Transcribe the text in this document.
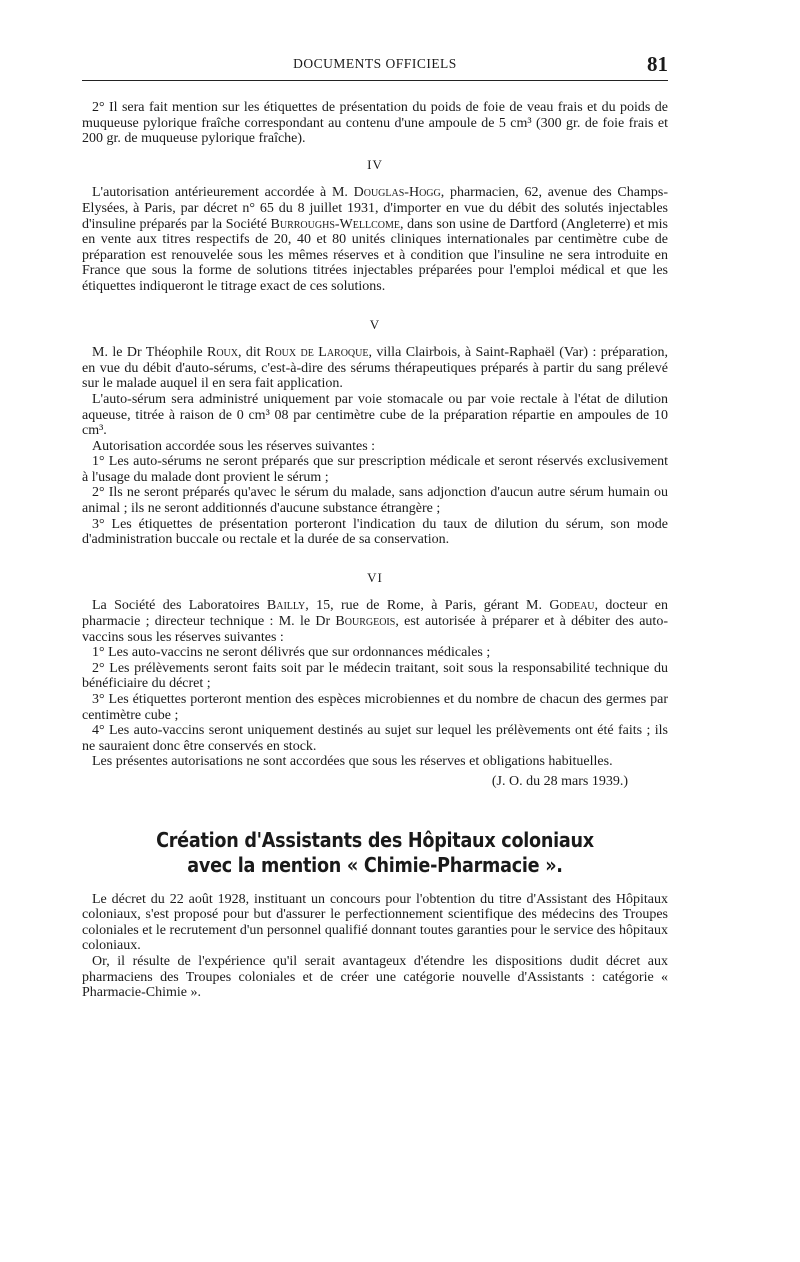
DOCUMENTS OFFICIELS	81

2° Il sera fait mention sur les étiquettes de présentation du poids de foie de veau frais et du poids de muqueuse pylorique fraîche correspondant au contenu d'une ampoule de 5 cm³ (300 gr. de foie frais et 200 gr. de muqueuse pylorique fraîche).

IV

L'autorisation antérieurement accordée à M. Douglas-Hogg, pharmacien, 62, avenue des Champs-Elysées, à Paris, par décret n° 65 du 8 juillet 1931, d'importer en vue du débit des solutés injectables d'insuline préparés par la Société Burroughs-Wellcome, dans son usine de Dartford (Angleterre) et mis en vente aux titres respectifs de 20, 40 et 80 unités cliniques internationales par centimètre cube de préparation est renouvelée sous les mêmes réserves et à condition que l'insuline ne sera introduite en France que sous la forme de solutions titrées injectables préparées pour l'emploi médical et que les étiquettes indiqueront le titrage exact de ces solutions.

V

M. le Dr Théophile Roux, dit Roux de Laroque, villa Clairbois, à Saint-Raphaël (Var) : préparation, en vue du débit d'auto-sérums, c'est-à-dire des sérums thérapeutiques préparés à partir du sang prélevé sur le malade auquel il en sera fait application.

L'auto-sérum sera administré uniquement par voie stomacale ou par voie rectale à l'état de dilution aqueuse, titrée à raison de 0 cm³ 08 par centimètre cube de la préparation répartie en ampoules de 10 cm³.

Autorisation accordée sous les réserves suivantes :

1° Les auto-sérums ne seront préparés que sur prescription médicale et seront réservés exclusivement à l'usage du malade dont provient le sérum ;

2° Ils ne seront préparés qu'avec le sérum du malade, sans adjonction d'aucun autre sérum humain ou animal ; ils ne seront additionnés d'aucune substance étrangère ;

3° Les étiquettes de présentation porteront l'indication du taux de dilution du sérum, son mode d'administration buccale ou rectale et la durée de sa conservation.

VI

La Société des Laboratoires Bailly, 15, rue de Rome, à Paris, gérant M. Godeau, docteur en pharmacie ; directeur technique : M. le Dr Bourgeois, est autorisée à préparer et à débiter des auto-vaccins sous les réserves suivantes :

1° Les auto-vaccins ne seront délivrés que sur ordonnances médicales ;

2° Les prélèvements seront faits soit par le médecin traitant, soit sous la responsabilité technique du bénéficiaire du décret ;

3° Les étiquettes porteront mention des espèces microbiennes et du nombre de chacun des germes par centimètre cube ;

4° Les auto-vaccins seront uniquement destinés au sujet sur lequel les prélèvements ont été faits ; ils ne sauraient donc être conservés en stock.

Les présentes autorisations ne sont accordées que sous les réserves et obligations habituelles.

(J. O. du 28 mars 1939.)

Création d'Assistants des Hôpitaux coloniaux
avec la mention « Chimie-Pharmacie ».

Le décret du 22 août 1928, instituant un concours pour l'obtention du titre d'Assistant des Hôpitaux coloniaux, s'est proposé pour but d'assurer le perfectionnement scientifique des médecins des Troupes coloniales et le recrutement d'un personnel qualifié donnant toutes garanties pour le service des hôpitaux coloniaux.

Or, il résulte de l'expérience qu'il serait avantageux d'étendre les dispositions dudit décret aux pharmaciens des Troupes coloniales et de créer une catégorie nouvelle d'Assistants : catégorie « Pharmacie-Chimie ».
